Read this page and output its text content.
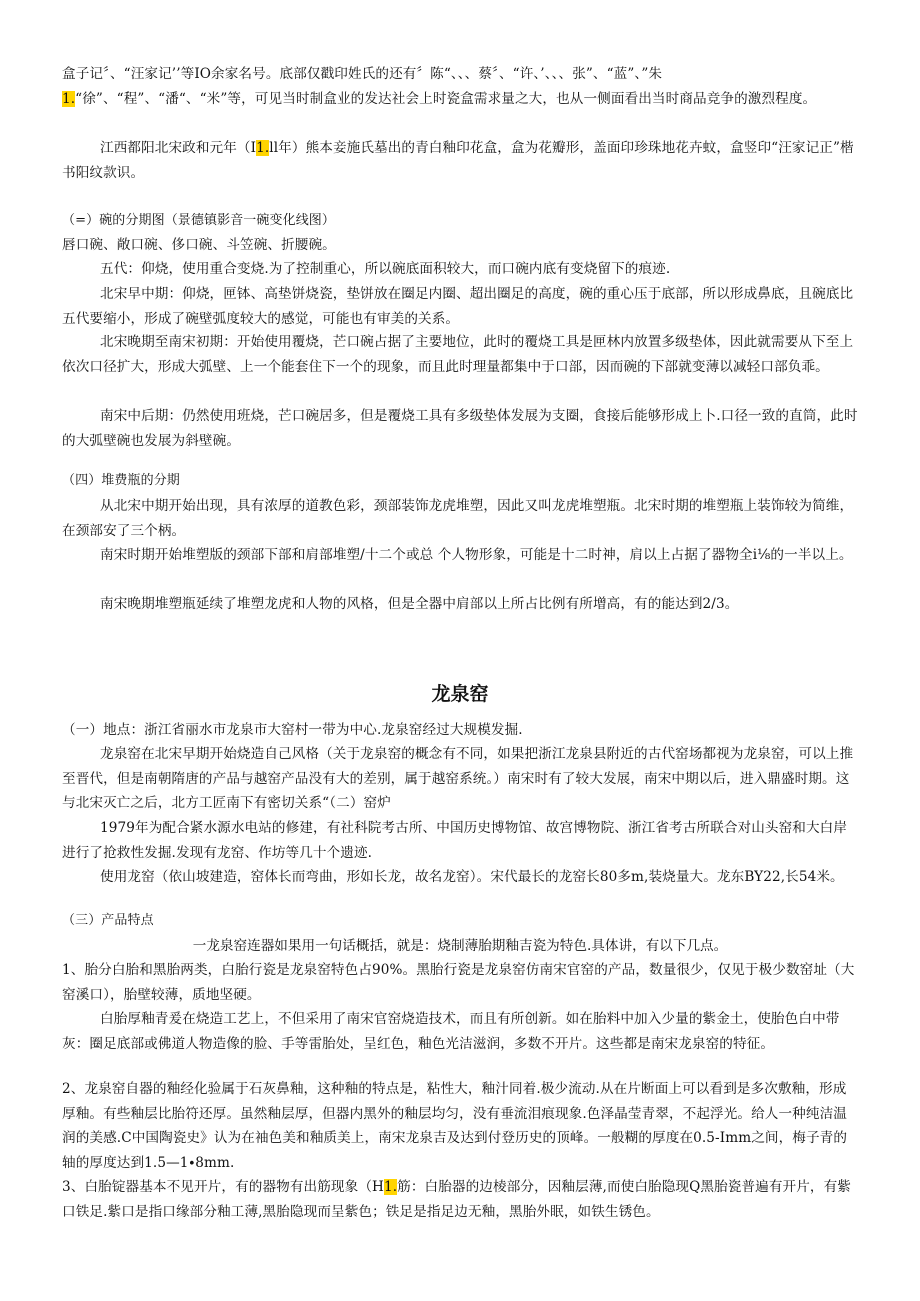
盒子记〞、“汪家记’’等IO余家名号。底部仅戳印姓氏的还有〞陈“、、、蔡〞、“许、’、、、张”、“蓝”、”朱
1.“徐”、“程”、“潘“、“米”等，可见当时制盒业的发达社会上时瓷盒需求量之大，也从一侧面看出当时商品竞争的激烈程度。

江西都阳北宋政和元年（I1.ll年）熊本妾施氏墓出的青白釉印花盒，盒为花瓣形，盖面印珍珠地花卉蚊，盒竖印“汪家记正”楷书阳纹款识。

（=）碗的分期图（景德镇影音一碗变化线图）

唇口碗、敞口碗、侈口碗、斗笠碗、折腰碗。

五代：仰烧，使用重合变烧.为了控制重心，所以碗底面积较大，而口碗内底有变烧留下的痕迹.

北宋早中期：仰烧，匣钵、高垫饼烧瓷，垫饼放在圈足内圈、超出圈足的高度，碗的重心压于底部，所以形成鼻底，且碗底比五代要缩小，形成了碗壁弧度较大的感觉，可能也有审美的关系。

北宋晚期至南宋初期：开始使用覆烧，芒口碗占据了主要地位，此时的覆烧工具是匣林内放置多级垫体，因此就需要从下至上依次口径扩大，形成大弧壁、上一个能套住下一个的现象，而且此时理量都集中于口部，因而碗的下部就变薄以减轻口部负乖。

南宋中后期：仍然使用班烧，芒口碗居多，但是覆烧工具有多级垫体发展为支圈，食接后能够形成上卜.口径一致的直筒，此时的大弧壁碗也发展为斜壁碗。

（四）堆费瓶的分期

从北宋中期开始出现，具有浓厚的道教色彩，颈部装饰龙虎堆塑，因此又叫龙虎堆塑瓶。北宋时期的堆塑瓶上装饰较为简维，在颈部安了三个柄。

南宋时期开始堆塑版的颈部下部和肩部堆塑/十二个或总 个人物形象，可能是十二时神，肩以上占据了器物全i⅛的一半以上。

南宋晚期堆塑瓶延续了堆塑龙虎和人物的风格，但是全器中肩部以上所占比例有所增高，有的能达到2/3。

龙泉窑

（一）地点：浙江省丽水市龙泉市大窑村一带为中心.龙泉窑经过大规模发掘.

龙泉窑在北宋早期开始烧造自己风格（关于龙泉窑的概念有不同，如果把浙江龙泉县附近的古代窑场都视为龙泉窑，可以上推至晋代，但是南朝隋唐的产品与越窑产品没有大的差别，属于越窑系统。）南宋时有了较大发展，南宋中期以后，进入鼎盛时期。这与北宋灭亡之后，北方工匠南下有密切关系“（二）窑炉

1979年为配合紧水源水电站的修建，有社科院考古所、中国历史博物馆、故宫博物院、浙江省考古所联合对山头窑和大白岸进行了抢救性发掘.发现有龙窑、作坊等几十个遗迹.

使用龙窑（依山坡建造，窑体长而弯曲，形如长龙，故名龙窑）。宋代最长的龙窑长80多m,装烧量大。龙东BY22,长54米。

（三）产品特点

一龙泉窑连器如果用一句话概括，就是：烧制薄胎期釉吉瓷为特色.具体讲，有以下几点。

1、胎分白胎和黑胎两类，白胎行瓷是龙泉窑特色占90%。黑胎行瓷是龙泉窑仿南宋官窑的产品，数量很少，仅见于极少数窑址（大窑溪口），胎壁较薄，质地坚硬。

白胎厚釉青爰在烧造工艺上，不但采用了南宋官窑烧造技术，而且有所创新。如在胎料中加入少量的紫金土，使胎色白中带灰：圈足底部或佛道人物造像的脸、手等雷胎处，呈红色，釉色光洁滋润，多数不开片。这些都是南宋龙泉窑的特征。

2、龙泉窑自器的釉经化验属于石灰鼻釉，这种釉的特点是，粘性大，釉汁同着.极少流动.从在片断面上可以看到是多次敷釉，形成厚釉。有些釉层比胎符还厚。虽然釉层厚，但器内黑外的釉层均匀，没有垂流泪痕现象.色泽晶莹青翠，不起浮光。给人一种纯洁温润的美感.C中国陶瓷史》认为在袖色美和釉质美上，南宋龙泉吉及达到付登历史的顶峰。一般糊的厚度在0.5-Imm之间，梅子青的轴的厚度达到1.5—1∙8mm.

3、白胎锭器基本不见开片，有的器物有出筋现象（H1.筋：白胎器的边棱部分，因釉层薄,而使白胎隐现Q黑胎瓷普遍有开片，有紫口铁足.紫口是指口缘部分釉工薄,黑胎隐现而呈紫色；铁足是指足边无釉，黑胎外眠，如铁生锈色。
